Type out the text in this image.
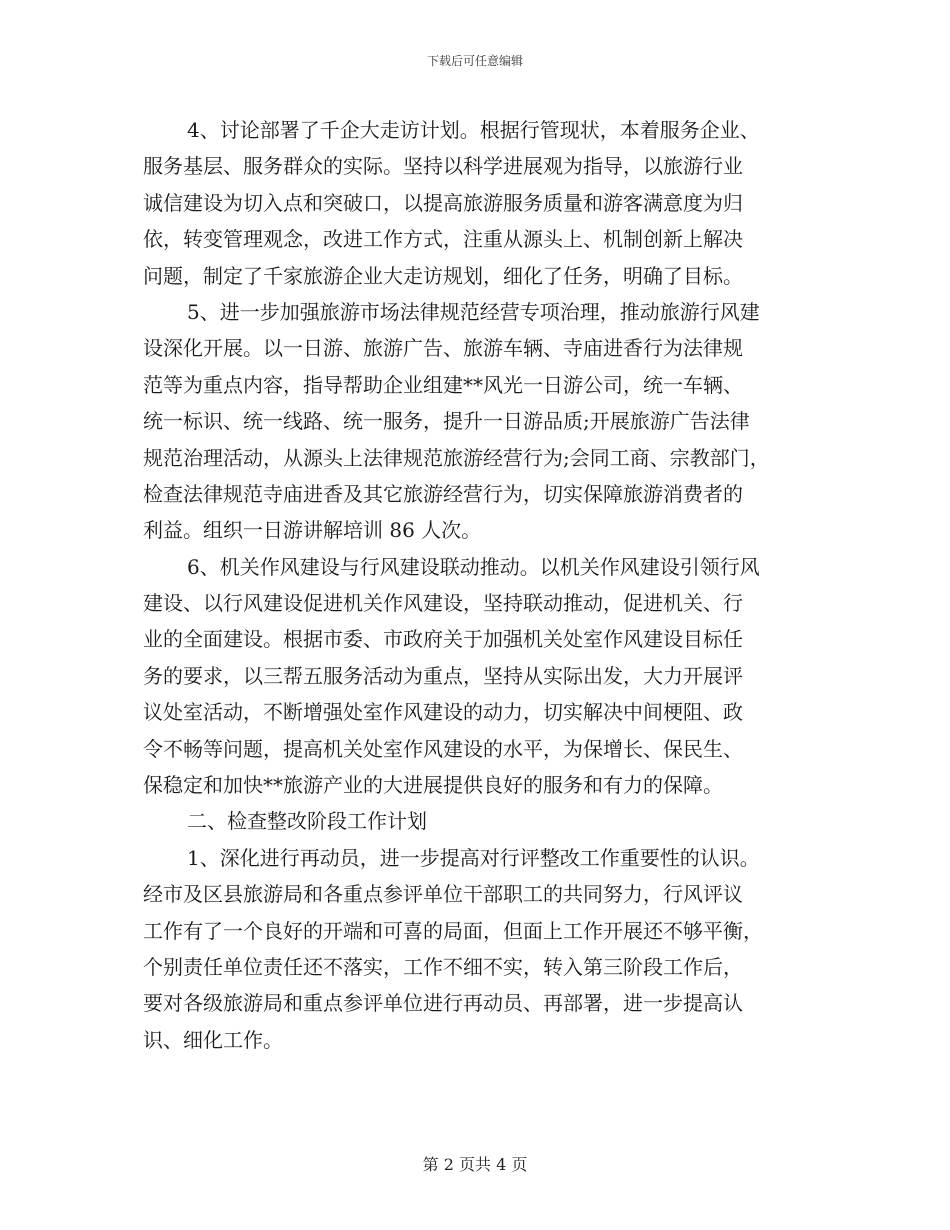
下载后可任意编辑
4、讨论部署了千企大走访计划。根据行管现状，本着服务企业、
服务基层、服务群众的实际。坚持以科学进展观为指导，以旅游行业
诚信建设为切入点和突破口，以提高旅游服务质量和游客满意度为归
依，转变管理观念，改进工作方式，注重从源头上、机制创新上解决
问题，制定了千家旅游企业大走访规划，细化了任务，明确了目标。
5、进一步加强旅游市场法律规范经营专项治理，推动旅游行风建
设深化开展。以一日游、旅游广告、旅游车辆、寺庙进香行为法律规
范等为重点内容，指导帮助企业组建**风光一日游公司，统一车辆、
统一标识、统一线路、统一服务，提升一日游品质;开展旅游广告法律
规范治理活动，从源头上法律规范旅游经营行为;会同工商、宗教部门，
检查法律规范寺庙进香及其它旅游经营行为，切实保障旅游消费者的
利益。组织一日游讲解培训 86 人次。
6、机关作风建设与行风建设联动推动。以机关作风建设引领行风
建设、以行风建设促进机关作风建设，坚持联动推动，促进机关、行
业的全面建设。根据市委、市政府关于加强机关处室作风建设目标任
务的要求，以三帮五服务活动为重点，坚持从实际出发，大力开展评
议处室活动，不断增强处室作风建设的动力，切实解决中间梗阻、政
令不畅等问题，提高机关处室作风建设的水平，为保增长、保民生、
保稳定和加快**旅游产业的大进展提供良好的服务和有力的保障。
二、检查整改阶段工作计划
1、深化进行再动员，进一步提高对行评整改工作重要性的认识。
经市及区县旅游局和各重点参评单位干部职工的共同努力，行风评议
工作有了一个良好的开端和可喜的局面，但面上工作开展还不够平衡，
个别责任单位责任还不落实，工作不细不实，转入第三阶段工作后，
要对各级旅游局和重点参评单位进行再动员、再部署，进一步提高认
识、细化工作。
第 2 页共 4 页
